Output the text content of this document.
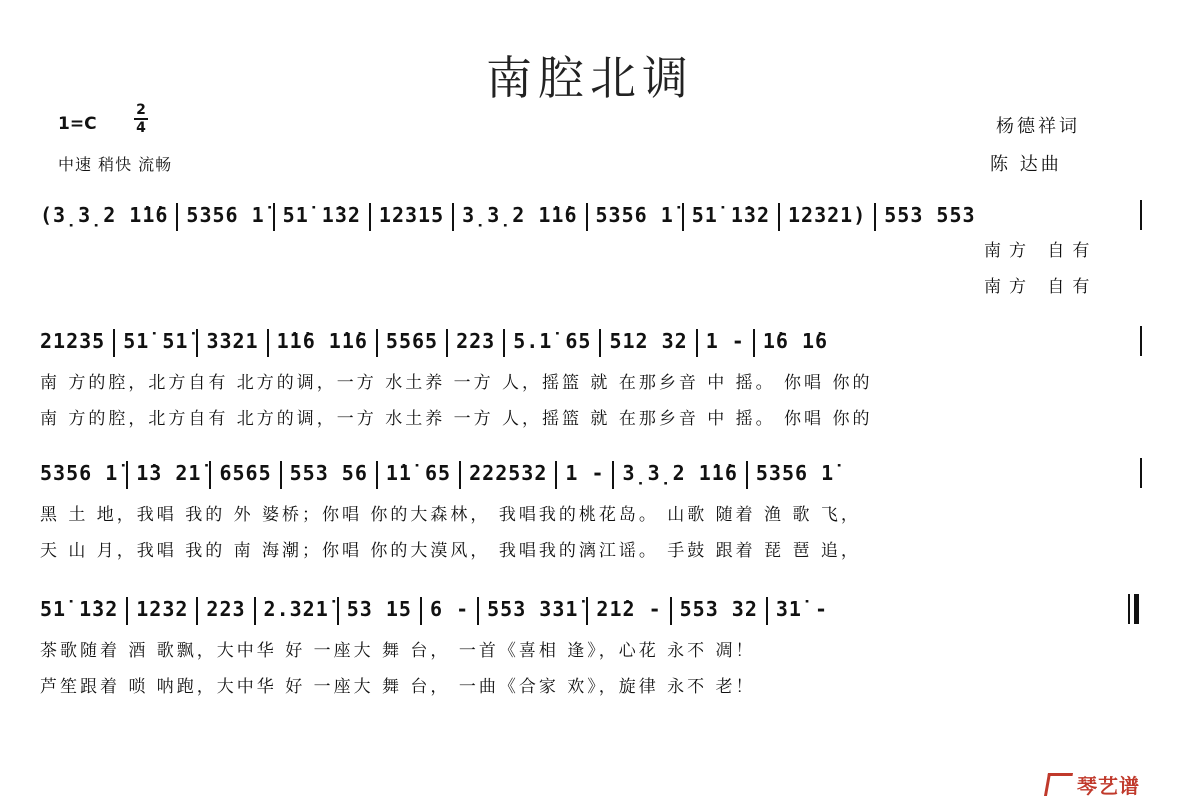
南腔北调
1=C
2
4
中速 稍快 流畅
杨德祥词
陈 达曲
(3̣3̣2 1̇1̇6 5356 1̇ 51̇ 1̇32 12315 3̣3̣2 1̇1̇6 5356 1̇ 51̇ 1̇32 12321) 553 553
南方 自有
南方 自有
21235 51̇ 51̇ 3321 1̇1̇6 1̇1̇6 5565 223 5.1̇ 65 512 32 1 - 1̇6 1̇6
南 方的腔，北方自有 北方的调，一方 水土养 一方 人，摇篮 就 在那乡音 中 摇。 你唱 你的
南 方的腔，北方自有 北方的调，一方 水土养 一方 人，摇篮 就 在那乡音 中 摇。 你唱 你的
5356 1̇ 1̇3 21̇ 6565 553 56 1̇1̇ 65 222532 1 - 3̣3̣2 1̇1̇6 5356 1̇
黑 土 地，我唱 我的 外 婆桥；你唱 你的大森林， 我唱我的桃花岛。 山歌 随着 渔 歌 飞，
天 山 月，我唱 我的 南 海潮；你唱 你的大漠风， 我唱我的漓江谣。 手鼓 跟着 琵 琶 追，
51̇ 1̇32 1232 223 2.321̇ 53 15 6 - 553 331̇ 21̇2 - 553 32 31̇ -
茶歌随着 酒 歌飘，大中华 好 一座大 舞 台， 一首《喜相 逢》，心花 永不 凋！
芦笙跟着 唢 呐跑，大中华 好 一座大 舞 台， 一曲《合家 欢》，旋律 永不 老！
琴艺谱
